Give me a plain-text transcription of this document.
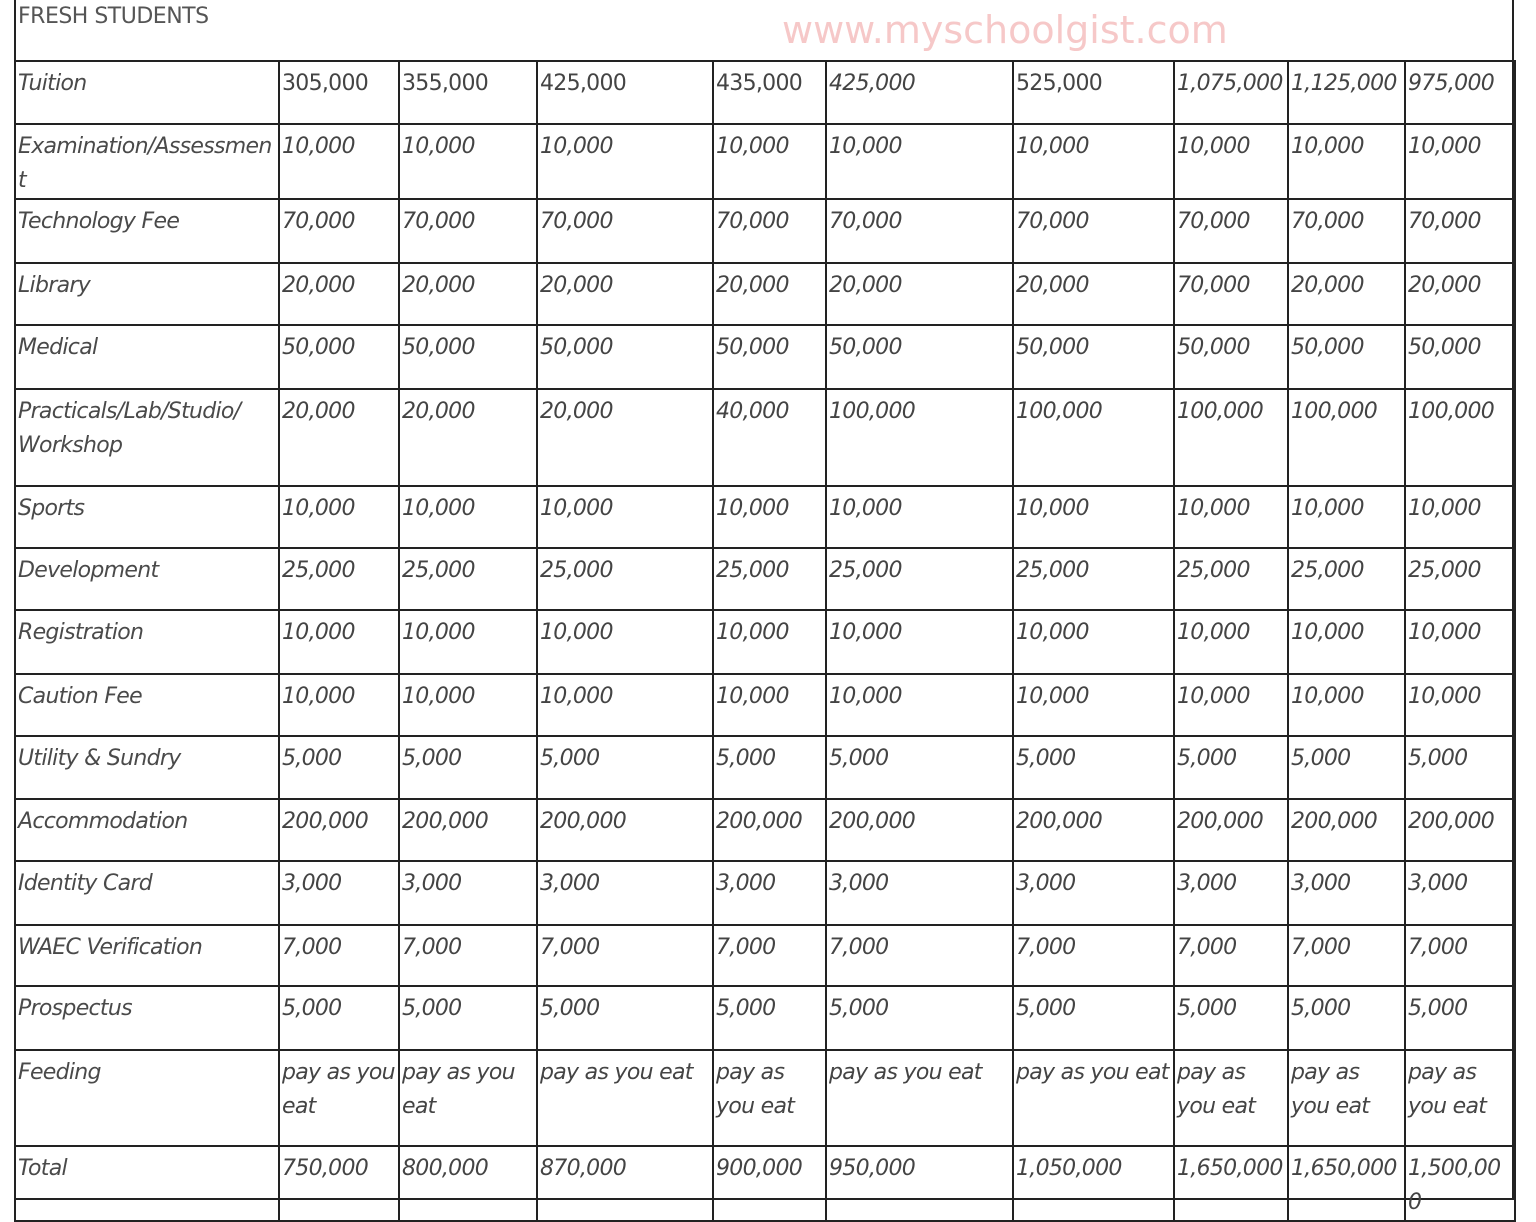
FRESH STUDENTS	www.myschoolgist.com
Tuition	305,000	355,000	425,000	435,000	425,000	525,000	1,075,000	1,125,000	975,000
Examination/Assessment	10,000	10,000	10,000	10,000	10,000	10,000	10,000	10,000	10,000
Technology Fee	70,000	70,000	70,000	70,000	70,000	70,000	70,000	70,000	70,000
Library	20,000	20,000	20,000	20,000	20,000	20,000	70,000	20,000	20,000
Medical	50,000	50,000	50,000	50,000	50,000	50,000	50,000	50,000	50,000
Practicals/Lab/Studio/ Workshop	20,000	20,000	20,000	40,000	100,000	100,000	100,000	100,000	100,000
Sports	10,000	10,000	10,000	10,000	10,000	10,000	10,000	10,000	10,000
Development	25,000	25,000	25,000	25,000	25,000	25,000	25,000	25,000	25,000
Registration	10,000	10,000	10,000	10,000	10,000	10,000	10,000	10,000	10,000
Caution Fee	10,000	10,000	10,000	10,000	10,000	10,000	10,000	10,000	10,000
Utility & Sundry	5,000	5,000	5,000	5,000	5,000	5,000	5,000	5,000	5,000
Accommodation	200,000	200,000	200,000	200,000	200,000	200,000	200,000	200,000	200,000
Identity Card	3,000	3,000	3,000	3,000	3,000	3,000	3,000	3,000	3,000
WAEC Verification	7,000	7,000	7,000	7,000	7,000	7,000	7,000	7,000	7,000
Prospectus	5,000	5,000	5,000	5,000	5,000	5,000	5,000	5,000	5,000
Feeding	pay as you eat	pay as you eat	pay as you eat	pay as you eat	pay as you eat	pay as you eat	pay as you eat	pay as you eat	pay as you eat
Total	750,000	800,000	870,000	900,000	950,000	1,050,000	1,650,000	1,650,000	1,500,000
